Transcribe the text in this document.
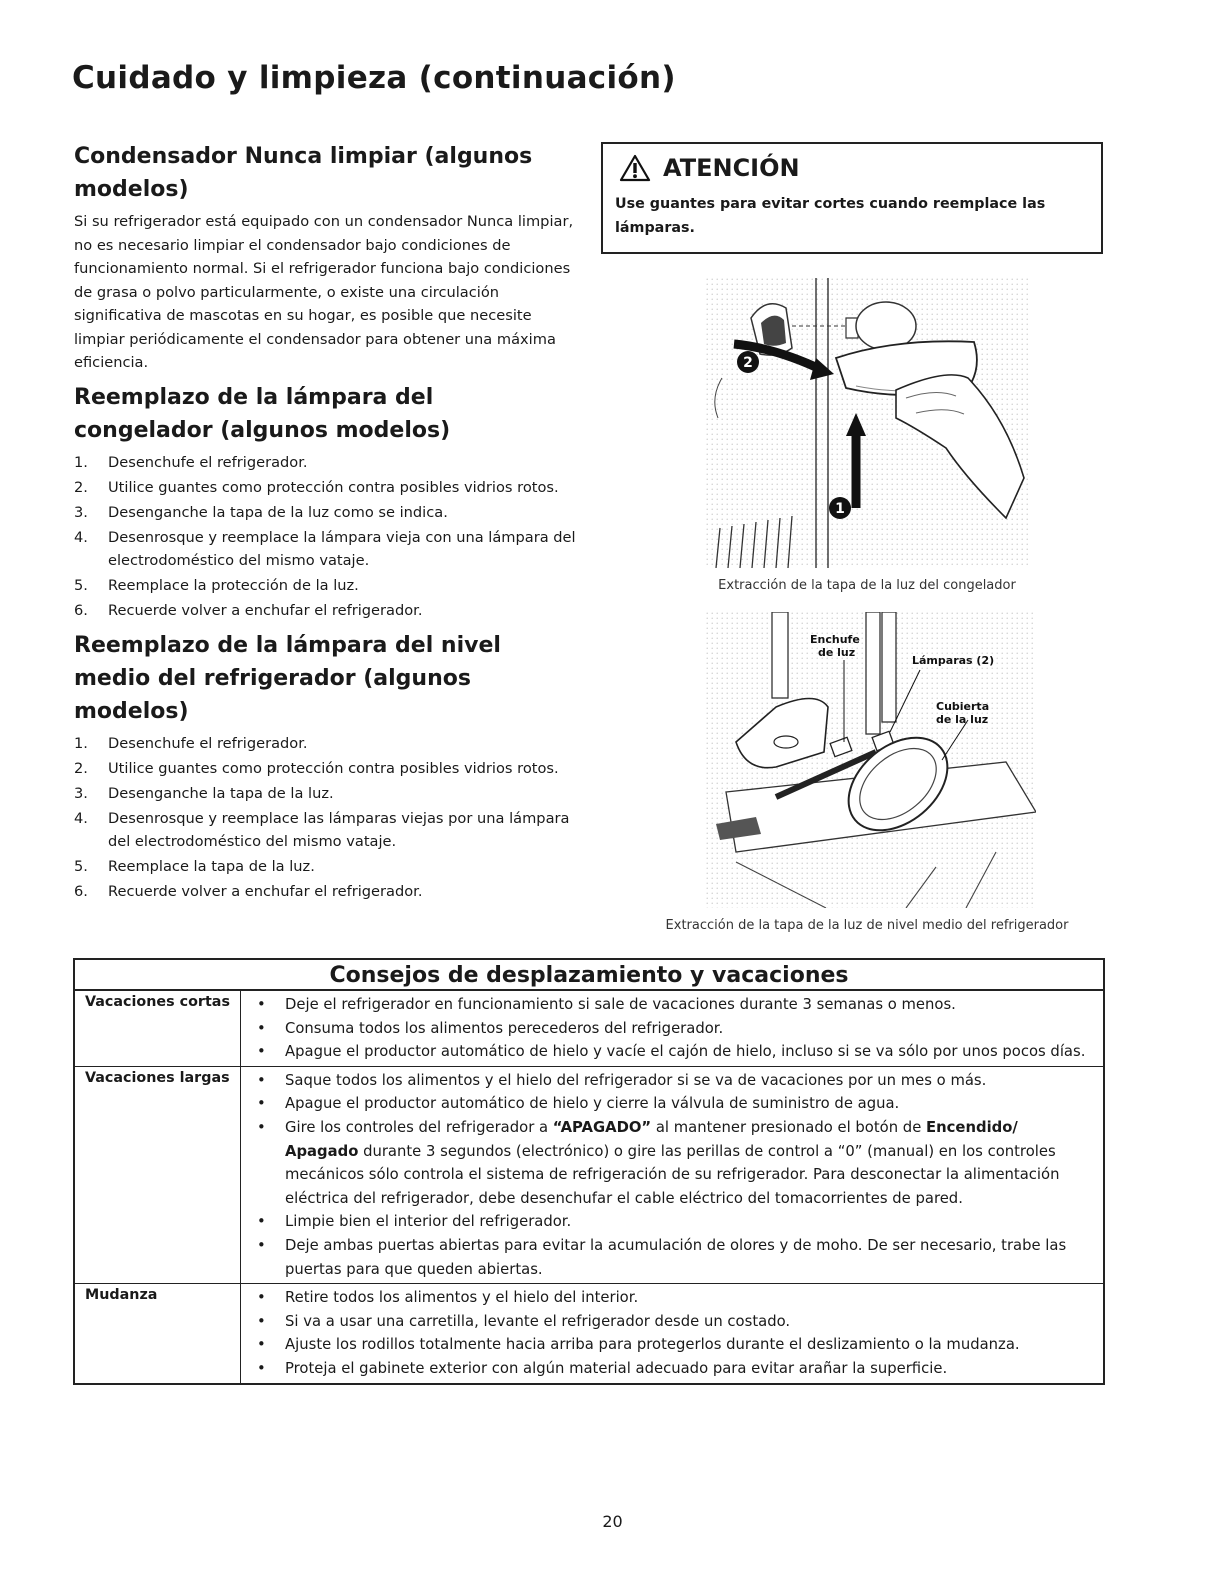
Cuidado y limpieza (continuación)
Condensador Nunca limpiar (algunos modelos)

Si su refrigerador está equipado con un condensador Nunca limpiar, no es necesario limpiar el condensador bajo condiciones de funcionamiento normal. Si el refrigerador funciona bajo condiciones de grasa o polvo particularmente, o existe una circulación significativa de mascotas en su hogar, es posible que necesite limpiar periódicamente el condensador para obtener una máxima eficiencia.

Reemplazo de la lámpara del congelador (algunos modelos)
1. Desenchufe el refrigerador.
2. Utilice guantes como protección contra posibles vidrios rotos.
3. Desenganche la tapa de la luz como se indica.
4. Desenrosque y reemplace la lámpara vieja con una lámpara del electrodoméstico del mismo vataje.
5. Reemplace la protección de la luz.
6. Recuerde volver a enchufar el refrigerador.
Reemplazo de la lámpara del nivel medio del refrigerador (algunos modelos)
1. Desenchufe el refrigerador.
2. Utilice guantes como protección contra posibles vidrios rotos.
3. Desenganche la tapa de la luz.
4. Desenrosque y reemplace las lámparas viejas por una lámpara del electrodoméstico del mismo vataje.
5. Reemplace la tapa de la luz.
6. Recuerde volver a enchufar el refrigerador.
ATENCIÓN
Use guantes para evitar cortes cuando reemplace las lámparas.
2
1
Extracción de la tapa de la luz del congelador
Enchufe
de luz
Lámparas (2)
Cubierta
de la luz
Extracción de la tapa de la luz de nivel medio del refrigerador
Consejos de desplazamiento y vacaciones
Vacaciones cortas	• Deje el refrigerador en funcionamiento si sale de vacaciones durante 3 semanas o menos.
• Consuma todos los alimentos perecederos del refrigerador.
• Apague el productor automático de hielo y vacíe el cajón de hielo, incluso si se va sólo por unos pocos días.
Vacaciones largas	• Saque todos los alimentos y el hielo del refrigerador si se va de vacaciones por un mes o más.
• Apague el productor automático de hielo y cierre la válvula de suministro de agua.
• Gire los controles del refrigerador a “APAGADO” al mantener presionado el botón de Encendido/ Apagado durante 3 segundos (electrónico) o gire las perillas de control a “0” (manual) en los controles mecánicos sólo controla el sistema de refrigeración de su refrigerador. Para desconectar la alimentación eléctrica del refrigerador, debe desenchufar el cable eléctrico del tomacorrientes de pared.
• Limpie bien el interior del refrigerador.
• Deje ambas puertas abiertas para evitar la acumulación de olores y de moho. De ser necesario, trabe las puertas para que queden abiertas.
Mudanza	• Retire todos los alimentos y el hielo del interior.
• Si va a usar una carretilla, levante el refrigerador desde un costado.
• Ajuste los rodillos totalmente hacia arriba para protegerlos durante el deslizamiento o la mudanza.
• Proteja el gabinete exterior con algún material adecuado para evitar arañar la superficie.

20
